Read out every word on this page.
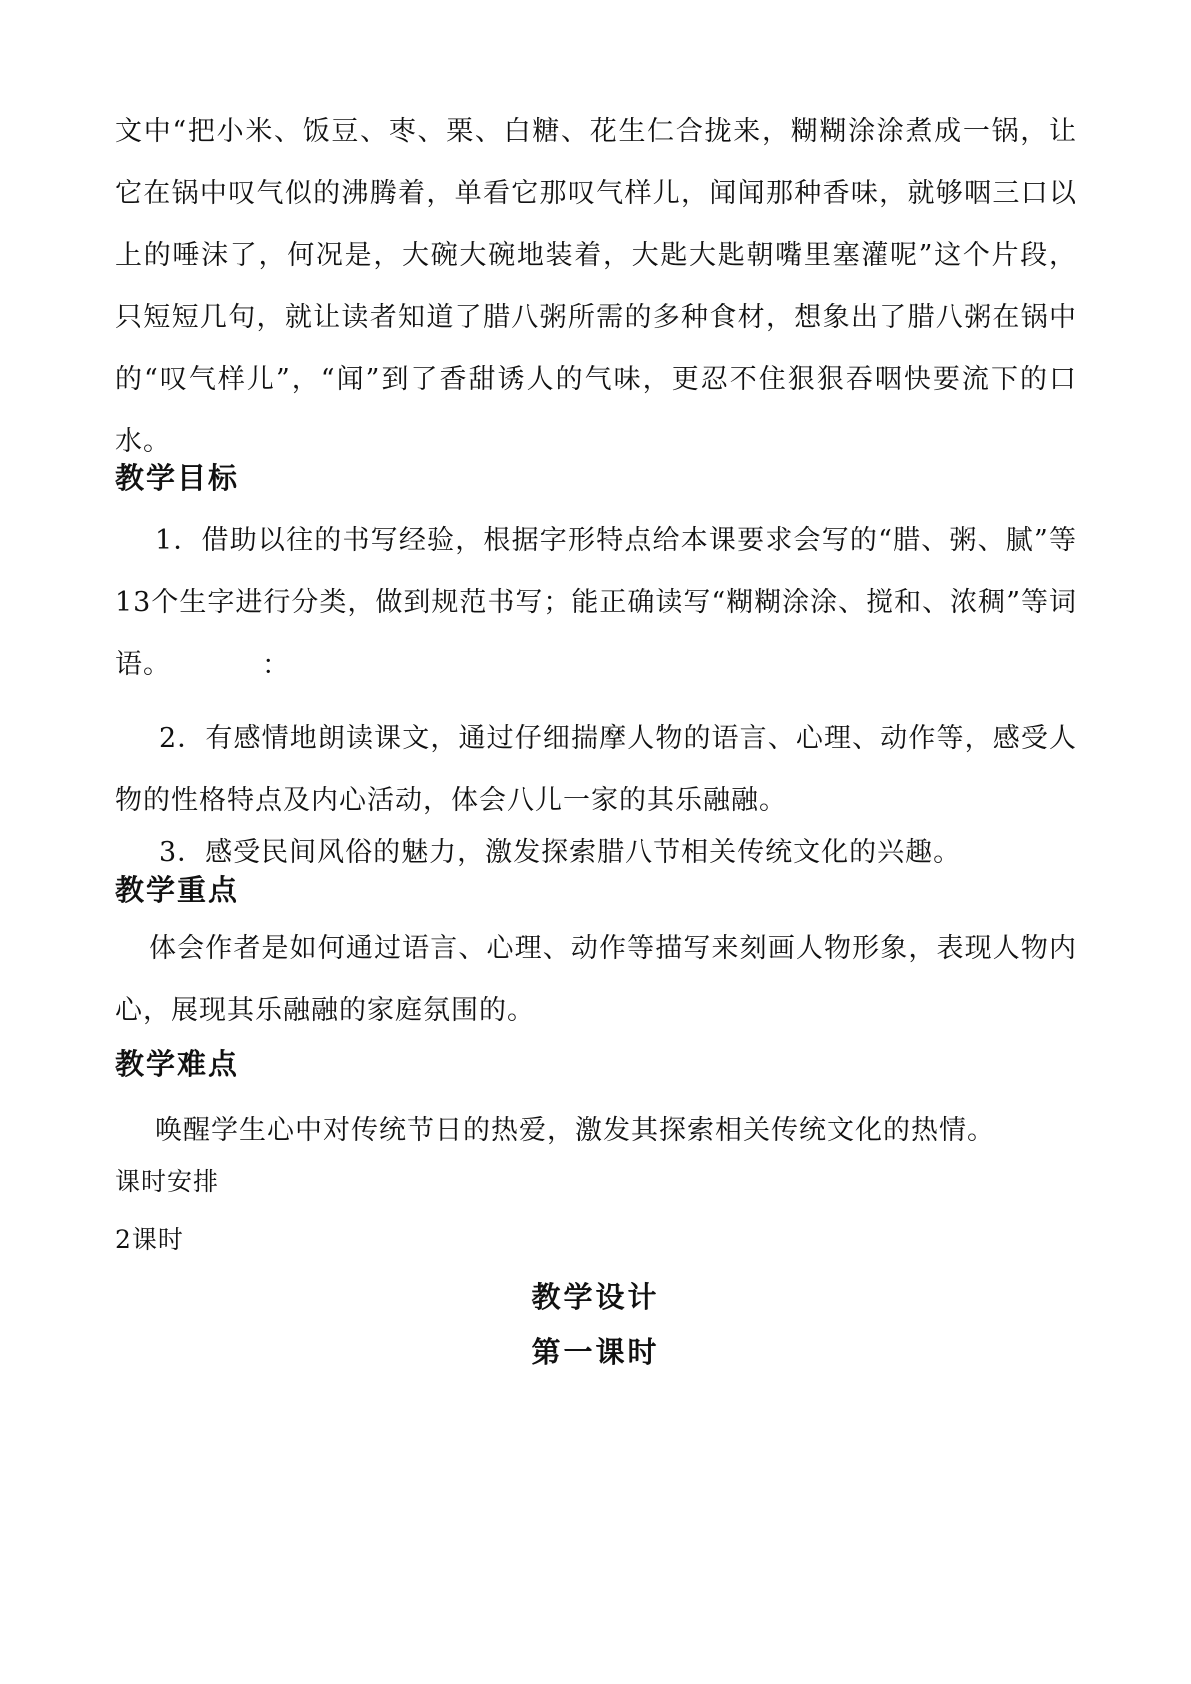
文中“把小米、饭豆、枣、栗、白糖、花生仁合拢来，糊糊涂涂煮成一锅，让它在锅中叹气似的沸腾着，单看它那叹气样儿，闻闻那种香味，就够咽三口以上的唾沫了，何况是，大碗大碗地装着，大匙大匙朝嘴里塞灌呢”这个片段，只短短几句，就让读者知道了腊八粥所需的多种食材，想象出了腊八粥在锅中的“叹气样儿”，“闻”到了香甜诱人的气味，更忍不住狠狠吞咽快要流下的口水。

教学目标

1．借助以往的书写经验，根据字形特点给本课要求会写的“腊、粥、腻”等13个生字进行分类，做到规范书写；能正确读写“糊糊涂涂、搅和、浓稠”等词语。	：

2．有感情地朗读课文，通过仔细揣摩人物的语言、心理、动作等，感受人物的性格特点及内心活动，体会八儿一家的其乐融融。

3．感受民间风俗的魅力，激发探索腊八节相关传统文化的兴趣。

教学重点

体会作者是如何通过语言、心理、动作等描写来刻画人物形象，表现人物内心，展现其乐融融的家庭氛围的。

教学难点

唤醒学生心中对传统节日的热爱，激发其探索相关传统文化的热情。

课时安排

2课时

教学设计
第一课时
